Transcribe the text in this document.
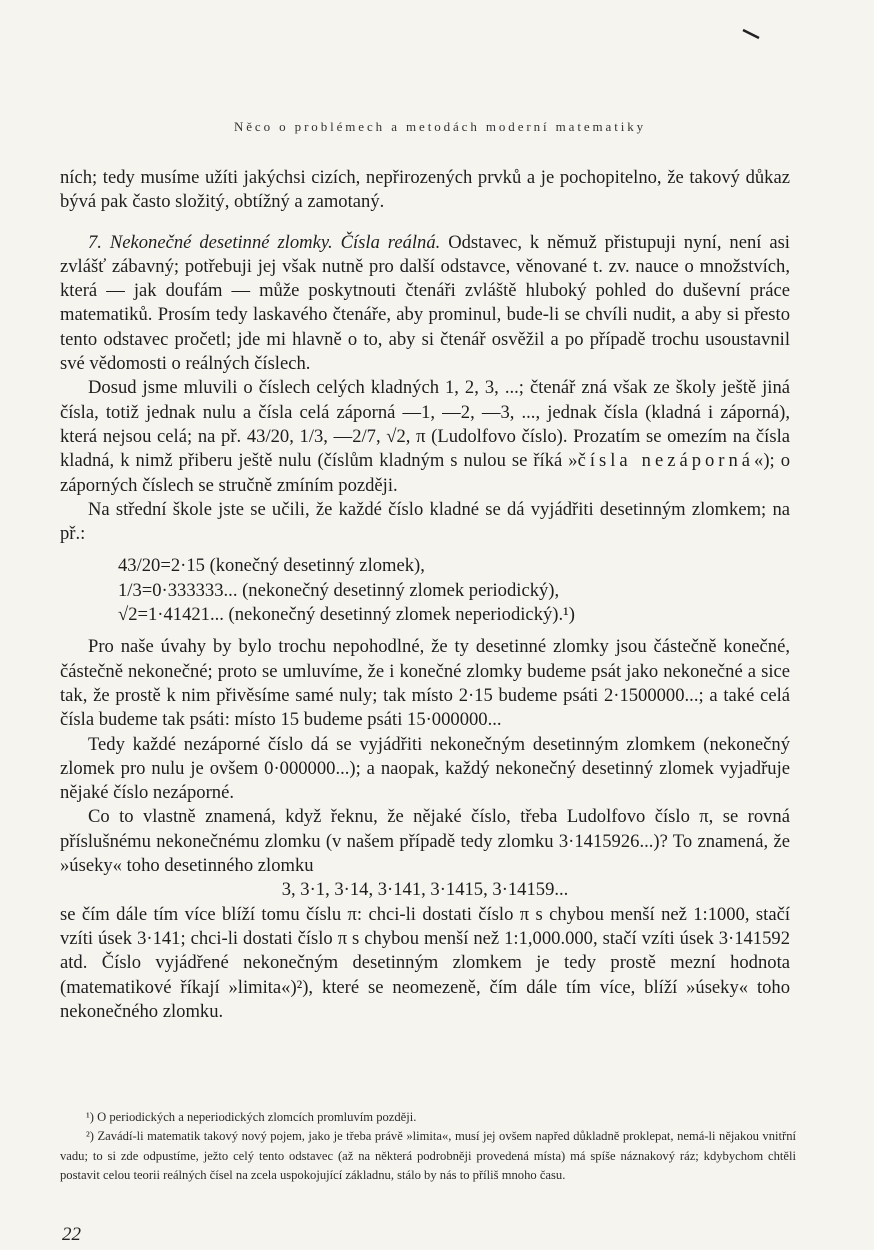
Něco o problémech a metodách moderní matematiky

ních; tedy musíme užíti jakýchsi cizích, nepřirozených prvků a je pochopitelno, že takový důkaz bývá pak často složitý, obtížný a zamotaný.

7. Nekonečné desetinné zlomky. Čísla reálná. Odstavec, k němuž přistupuji nyní, není asi zvlášť zábavný; potřebuji jej však nutně pro další odstavce, věnované t. zv. nauce o množstvích, která — jak doufám — může poskytnouti čtenáři zvláště hluboký pohled do duševní práce matematiků. Prosím tedy laskavého čtenáře, aby prominul, bude-li se chvíli nudit, a aby si přesto tento odstavec pročetl; jde mi hlavně o to, aby si čtenář osvěžil a po případě trochu usoustavnil své vědomosti o reálných číslech.

Dosud jsme mluvili o číslech celých kladných 1, 2, 3, ...; čtenář zná však ze školy ještě jiná čísla, totiž jednak nulu a čísla celá záporná —1, —2, —3, ..., jednak čísla (kladná i záporná), která nejsou celá; na př. 43/20, 1/3, —2/7, √2, π (Ludolfovo číslo). Prozatím se omezím na čísla kladná, k nimž přiberu ještě nulu (číslům kladným s nulou se říká »čísla nezáporná«); o záporných číslech se stručně zmíním později.

Na střední škole jste se učili, že každé číslo kladné se dá vyjádřiti desetinným zlomkem; na př.:

43/20=2·15 (konečný desetinný zlomek),
1/3=0·333333... (nekonečný desetinný zlomek periodický),
√2=1·41421... (nekonečný desetinný zlomek neperiodický).¹)

Pro naše úvahy by bylo trochu nepohodlné, že ty desetinné zlomky jsou částečně konečné, částečně nekonečné; proto se umluvíme, že i konečné zlomky budeme psát jako nekonečné a sice tak, že prostě k nim přivěsíme samé nuly; tak místo 2·15 budeme psáti 2·1500000...; a také celá čísla budeme tak psáti: místo 15 budeme psáti 15·000000...

Tedy každé nezáporné číslo dá se vyjádřiti nekonečným desetinným zlomkem (nekonečný zlomek pro nulu je ovšem 0·000000...); a naopak, každý nekonečný desetinný zlomek vyjadřuje nějaké číslo nezáporné.

Co to vlastně znamená, když řeknu, že nějaké číslo, třeba Ludolfovo číslo π, se rovná příslušnému nekonečnému zlomku (v našem případě tedy zlomku 3·1415926...)? To znamená, že »úseky« toho desetinného zlomku

3, 3·1, 3·14, 3·141, 3·1415, 3·14159...

se čím dále tím více blíží tomu číslu π: chci-li dostati číslo π s chybou menší než 1:1000, stačí vzíti úsek 3·141; chci-li dostati číslo π s chybou menší než 1:1,000.000, stačí vzíti úsek 3·141592 atd. Číslo vyjádřené nekonečným desetinným zlomkem je tedy prostě mezní hodnota (matematikové říkají »limita«)²), které se neomezeně, čím dále tím více, blíží »úseky« toho nekonečného zlomku.

¹) O periodických a neperiodických zlomcích promluvím později.

²) Zavádí-li matematik takový nový pojem, jako je třeba právě »limita«, musí jej ovšem napřed důkladně proklepat, nemá-li nějakou vnitřní vadu; to si zde odpustíme, ježto celý tento odstavec (až na některá podrobněji provedená místa) má spíše náznakový ráz; kdybychom chtěli postavit celou teorii reálných čísel na zcela uspokojující základnu, stálo by nás to příliš mnoho času.

22
